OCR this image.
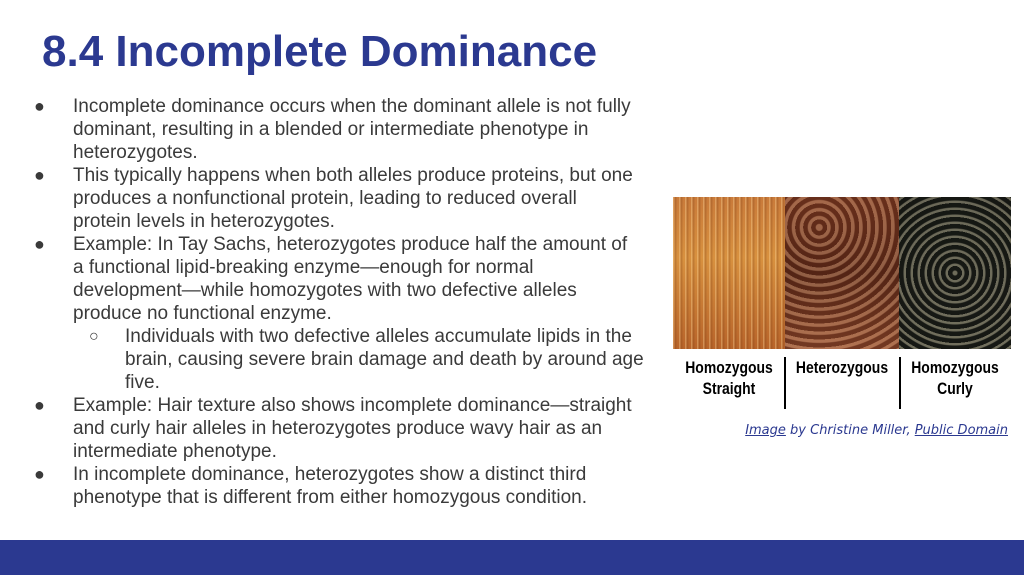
8.4 Incomplete Dominance
● Incomplete dominance occurs when the dominant allele is not fully dominant, resulting in a blended or intermediate phenotype in heterozygotes.
● This typically happens when both alleles produce proteins, but one produces a nonfunctional protein, leading to reduced overall protein levels in heterozygotes.
● Example: In Tay Sachs, heterozygotes produce half the amount of a functional lipid-breaking enzyme—enough for normal development—while homozygotes with two defective alleles produce no functional enzyme.
○ Individuals with two defective alleles accumulate lipids in the brain, causing severe brain damage and death by around age five.
● Example: Hair texture also shows incomplete dominance—straight and curly hair alleles in heterozygotes produce wavy hair as an intermediate phenotype.
● In incomplete dominance, heterozygotes show a distinct third phenotype that is different from either homozygous condition.
Homozygous
Straight
Heterozygous	Homozygous
Curly
Image by Christine Miller, Public Domain
